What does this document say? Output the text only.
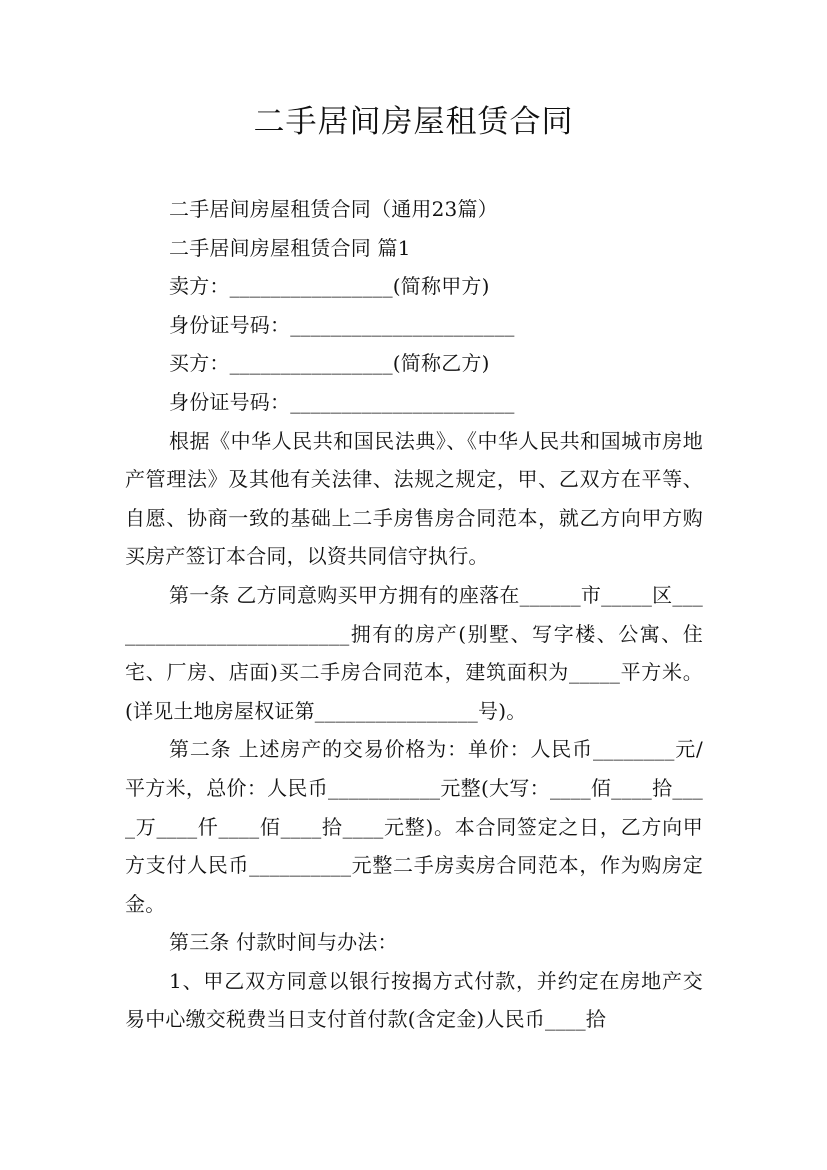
二手居间房屋租赁合同

二手居间房屋租赁合同（通用23篇）

二手居间房屋租赁合同 篇1

卖方：________________(简称甲方)

身份证号码：______________________

买方：________________(简称乙方)

身份证号码：______________________

根据《中华人民共和国民法典》、《中华人民共和国城市房地产管理法》及其他有关法律、法规之规定，甲、乙双方在平等、自愿、协商一致的基础上二手房售房合同范本，就乙方向甲方购买房产签订本合同，以资共同信守执行。

第一条 乙方同意购买甲方拥有的座落在______市_____区_________________________拥有的房产(别墅、写字楼、公寓、住宅、厂房、店面)买二手房合同范本，建筑面积为_____平方米。(详见土地房屋权证第________________号)。

第二条 上述房产的交易价格为：单价：人民币________元/平方米，总价：人民币___________元整(大写：____佰____拾____万____仟____佰____拾____元整)。本合同签定之日，乙方向甲方支付人民币__________元整二手房卖房合同范本，作为购房定金。

第三条 付款时间与办法：

1、甲乙双方同意以银行按揭方式付款，并约定在房地产交易中心缴交税费当日支付首付款(含定金)人民币____拾
